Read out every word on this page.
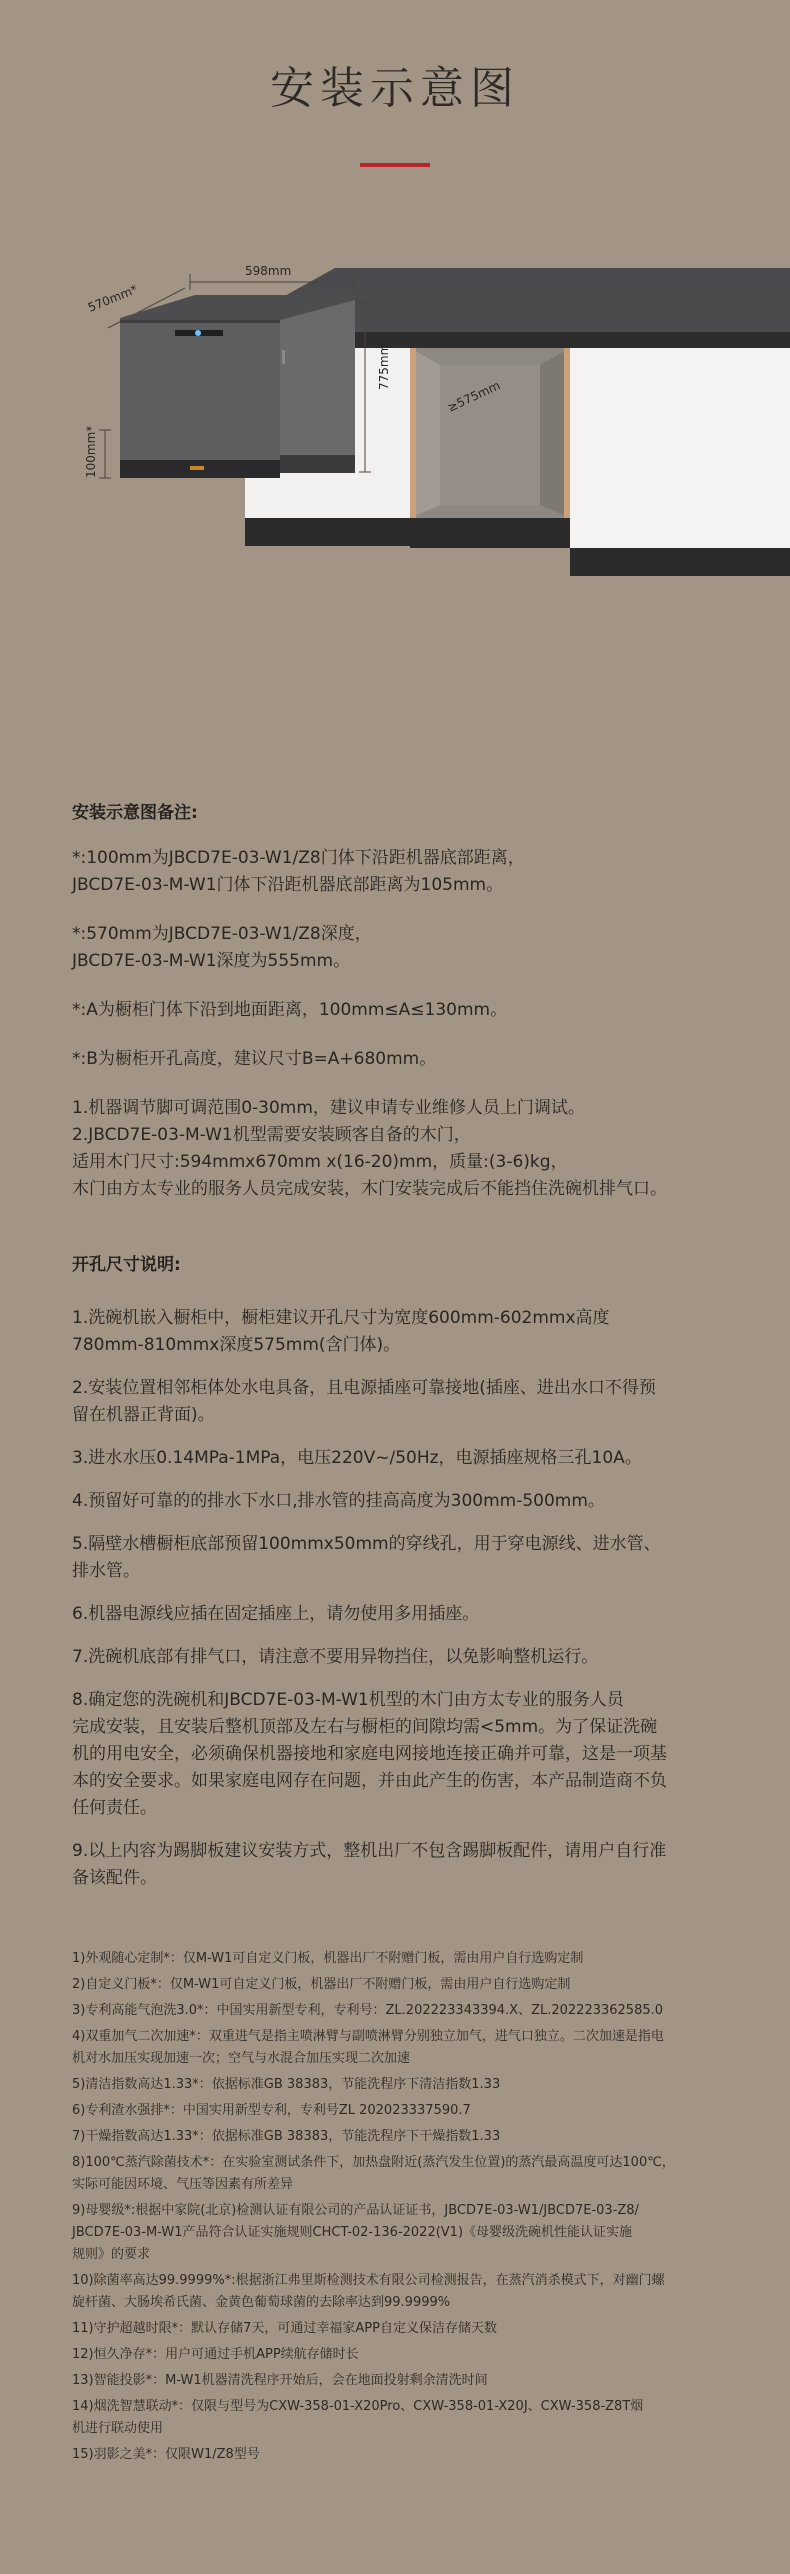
安装示意图
≥575mm
598mm
570mm*
775mm
100mm*
安装示意图备注:
*:100mm为JBCD7E-03-W1/Z8门体下沿距机器底部距离，
JBCD7E-03-M-W1门体下沿距机器底部距离为105mm。
*:570mm为JBCD7E-03-W1/Z8深度，
JBCD7E-03-M-W1深度为555mm。
*:A为橱柜门体下沿到地面距离，100mm≤A≤130mm。
*:B为橱柜开孔高度，建议尺寸B=A+680mm。
1.机器调节脚可调范围0-30mm，建议申请专业维修人员上门调试。
2.JBCD7E-03-M-W1机型需要安装顾客自备的木门，
适用木门尺寸:594mmx670mm x(16-20)mm，质量:(3-6)kg，
木门由方太专业的服务人员完成安装，木门安装完成后不能挡住洗碗机排气口。
开孔尺寸说明:
1.洗碗机嵌入橱柜中，橱柜建议开孔尺寸为宽度600mm-602mmx高度
780mm-810mmx深度575mm(含门体)。
2.安装位置相邻柜体处水电具备，且电源插座可靠接地(插座、进出水口不得预
留在机器正背面)。
3.进水水压0.14MPa-1MPa，电压220V~/50Hz，电源插座规格三孔10A。
4.预留好可靠的的排水下水口,排水管的挂高高度为300mm-500mm。
5.隔壁水槽橱柜底部预留100mmx50mm的穿线孔，用于穿电源线、进水管、
排水管。
6.机器电源线应插在固定插座上，请勿使用多用插座。
7.洗碗机底部有排气口，请注意不要用异物挡住，以免影响整机运行。
8.确定您的洗碗机和JBCD7E-03-M-W1机型的木门由方太专业的服务人员
完成安装，且安装后整机顶部及左右与橱柜的间隙均需<5mm。为了保证洗碗
机的用电安全，必须确保机器接地和家庭电网接地连接正确并可靠，这是一项基
本的安全要求。如果家庭电网存在问题，并由此产生的伤害，本产品制造商不负
任何责任。
9.以上内容为踢脚板建议安装方式，整机出厂不包含踢脚板配件，请用户自行准
备该配件。
1)外观随心定制*：仅M-W1可自定义门板，机器出厂不附赠门板，需由用户自行选购定制
2)自定义门板*：仅M-W1可自定义门板，机器出厂不附赠门板，需由用户自行选购定制
3)专利高能气泡洗3.0*：中国实用新型专利，专利号：ZL.202223343394.X、ZL.202223362585.0
4)双重加气二次加速*：双重进气是指主喷淋臂与副喷淋臂分别独立加气，进气口独立。二次加速是指电
机对水加压实现加速一次；空气与水混合加压实现二次加速
5)清洁指数高达1.33*：依据标准GB 38383，节能洗程序下清洁指数1.33
6)专利渣水强排*：中国实用新型专利，专利号ZL 202023337590.7
7)干燥指数高达1.33*：依据标准GB 38383，节能洗程序下干燥指数1.33
8)100℃蒸汽除菌技术*：在实验室测试条件下，加热盘附近(蒸汽发生位置)的蒸汽最高温度可达100℃，
实际可能因环境、气压等因素有所差异
9)母婴级*:根据中家院(北京)检测认证有限公司的产品认证证书，JBCD7E-03-W1/JBCD7E-03-Z8/
JBCD7E-03-M-W1产品符合认证实施规则CHCT-02-136-2022(V1)《母婴级洗碗机性能认证实施
规则》的要求
10)除菌率高达99.9999%*:根据浙江弗里斯检测技术有限公司检测报告，在蒸汽消杀模式下，对幽门螺
旋杆菌、大肠埃希氏菌、金黄色葡萄球菌的去除率达到99.9999%
11)守护超越时限*：默认存储7天，可通过幸福家APP自定义保洁存储天数
12)恒久净存*：用户可通过手机APP续航存储时长
13)智能投影*：M-W1机器清洗程序开始后，会在地面投射剩余清洗时间
14)烟洗智慧联动*：仅限与型号为CXW-358-01-X20Pro、CXW-358-01-X20J、CXW-358-Z8T烟
机进行联动使用
15)羽影之美*：仅限W1/Z8型号
